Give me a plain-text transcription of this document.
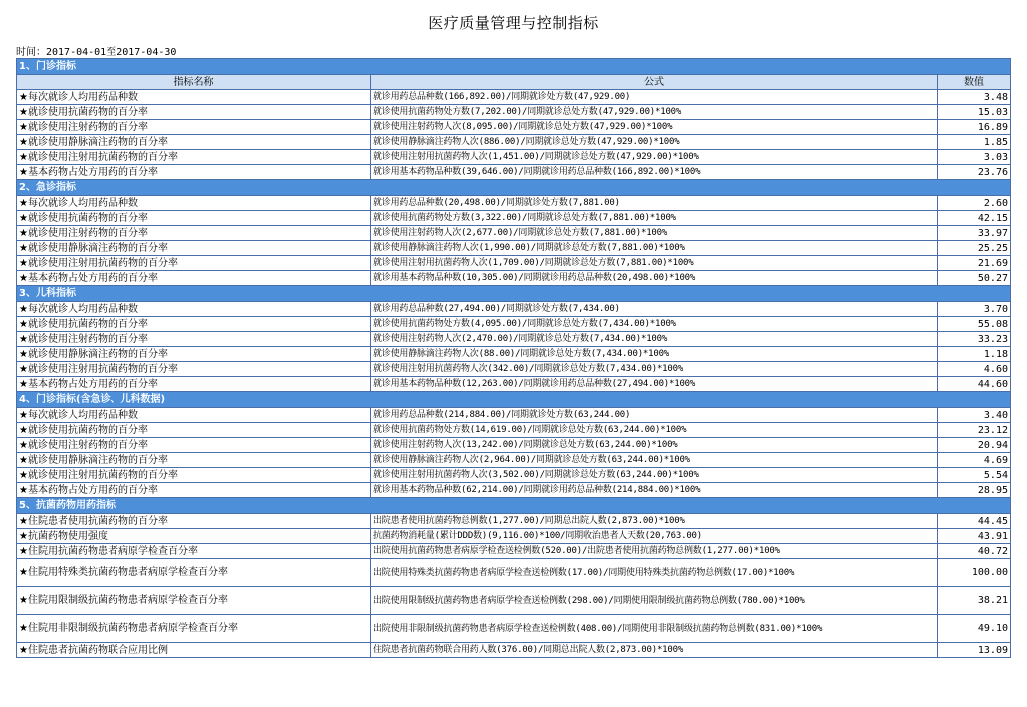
医疗质量管理与控制指标
时间：2017-04-01至2017-04-30
1、门诊指标		
指标名称	公式	数值
★每次就诊人均用药品种数	就诊用药总品种数(166,892.00)/同期就诊处方数(47,929.00)	3.48
★就诊使用抗菌药物的百分率	就诊使用抗菌药物处方数(7,202.00)/同期就诊总处方数(47,929.00)*100%	15.03
★就诊使用注射药物的百分率	就诊使用注射药物人次(8,095.00)/同期就诊总处方数(47,929.00)*100%	16.89
★就诊使用静脉滴注药物的百分率	就诊使用静脉滴注药物人次(886.00)/同期就诊总处方数(47,929.00)*100%	1.85
★就诊使用注射用抗菌药物的百分率	就诊使用注射用抗菌药物人次(1,451.00)/同期就诊总处方数(47,929.00)*100%	3.03
★基本药物占处方用药的百分率	就诊用基本药物品种数(39,646.00)/同期就诊用药总品种数(166,892.00)*100%	23.76
2、急诊指标		
★每次就诊人均用药品种数	就诊用药总品种数(20,498.00)/同期就诊处方数(7,881.00)	2.60
★就诊使用抗菌药物的百分率	就诊使用抗菌药物处方数(3,322.00)/同期就诊总处方数(7,881.00)*100%	42.15
★就诊使用注射药物的百分率	就诊使用注射药物人次(2,677.00)/同期就诊总处方数(7,881.00)*100%	33.97
★就诊使用静脉滴注药物的百分率	就诊使用静脉滴注药物人次(1,990.00)/同期就诊总处方数(7,881.00)*100%	25.25
★就诊使用注射用抗菌药物的百分率	就诊使用注射用抗菌药物人次(1,709.00)/同期就诊总处方数(7,881.00)*100%	21.69
★基本药物占处方用药的百分率	就诊用基本药物品种数(10,305.00)/同期就诊用药总品种数(20,498.00)*100%	50.27
3、儿科指标		
★每次就诊人均用药品种数	就诊用药总品种数(27,494.00)/同期就诊处方数(7,434.00)	3.70
★就诊使用抗菌药物的百分率	就诊使用抗菌药物处方数(4,095.00)/同期就诊总处方数(7,434.00)*100%	55.08
★就诊使用注射药物的百分率	就诊使用注射药物人次(2,470.00)/同期就诊总处方数(7,434.00)*100%	33.23
★就诊使用静脉滴注药物的百分率	就诊使用静脉滴注药物人次(88.00)/同期就诊总处方数(7,434.00)*100%	1.18
★就诊使用注射用抗菌药物的百分率	就诊使用注射用抗菌药物人次(342.00)/同期就诊总处方数(7,434.00)*100%	4.60
★基本药物占处方用药的百分率	就诊用基本药物品种数(12,263.00)/同期就诊用药总品种数(27,494.00)*100%	44.60
4、门诊指标(含急诊、儿科数据)		
★每次就诊人均用药品种数	就诊用药总品种数(214,884.00)/同期就诊处方数(63,244.00)	3.40
★就诊使用抗菌药物的百分率	就诊使用抗菌药物处方数(14,619.00)/同期就诊总处方数(63,244.00)*100%	23.12
★就诊使用注射药物的百分率	就诊使用注射药物人次(13,242.00)/同期就诊总处方数(63,244.00)*100%	20.94
★就诊使用静脉滴注药物的百分率	就诊使用静脉滴注药物人次(2,964.00)/同期就诊总处方数(63,244.00)*100%	4.69
★就诊使用注射用抗菌药物的百分率	就诊使用注射用抗菌药物人次(3,502.00)/同期就诊总处方数(63,244.00)*100%	5.54
★基本药物占处方用药的百分率	就诊用基本药物品种数(62,214.00)/同期就诊用药总品种数(214,884.00)*100%	28.95
5、抗菌药物用药指标		
★住院患者使用抗菌药物的百分率	出院患者使用抗菌药物总例数(1,277.00)/同期总出院人数(2,873.00)*100%	44.45
★抗菌药物使用强度	抗菌药物消耗量(累计DDD数)(9,116.00)*100/同期收治患者人天数(20,763.00)	43.91
★住院用抗菌药物患者病原学检查百分率	出院使用抗菌药物患者病原学检查送检例数(520.00)/出院患者使用抗菌药物总例数(1,277.00)*100%	40.72
★住院用特殊类抗菌药物患者病原学检查百分率	出院使用特殊类抗菌药物患者病原学检查送检例数(17.00)/同期使用特殊类抗菌药物总例数(17.00)*100%	100.00
★住院用限制级抗菌药物患者病原学检查百分率	出院使用限制级抗菌药物患者病原学检查送检例数(298.00)/同期使用限制级抗菌药物总例数(780.00)*100%	38.21
★住院用非限制级抗菌药物患者病原学检查百分率	出院使用非限制级抗菌药物患者病原学检查送检例数(408.00)/同期使用非限制级抗菌药物总例数(831.00)*100%	49.10
★住院患者抗菌药物联合应用比例	住院患者抗菌药物联合用药人数(376.00)/同期总出院人数(2,873.00)*100%	13.09
